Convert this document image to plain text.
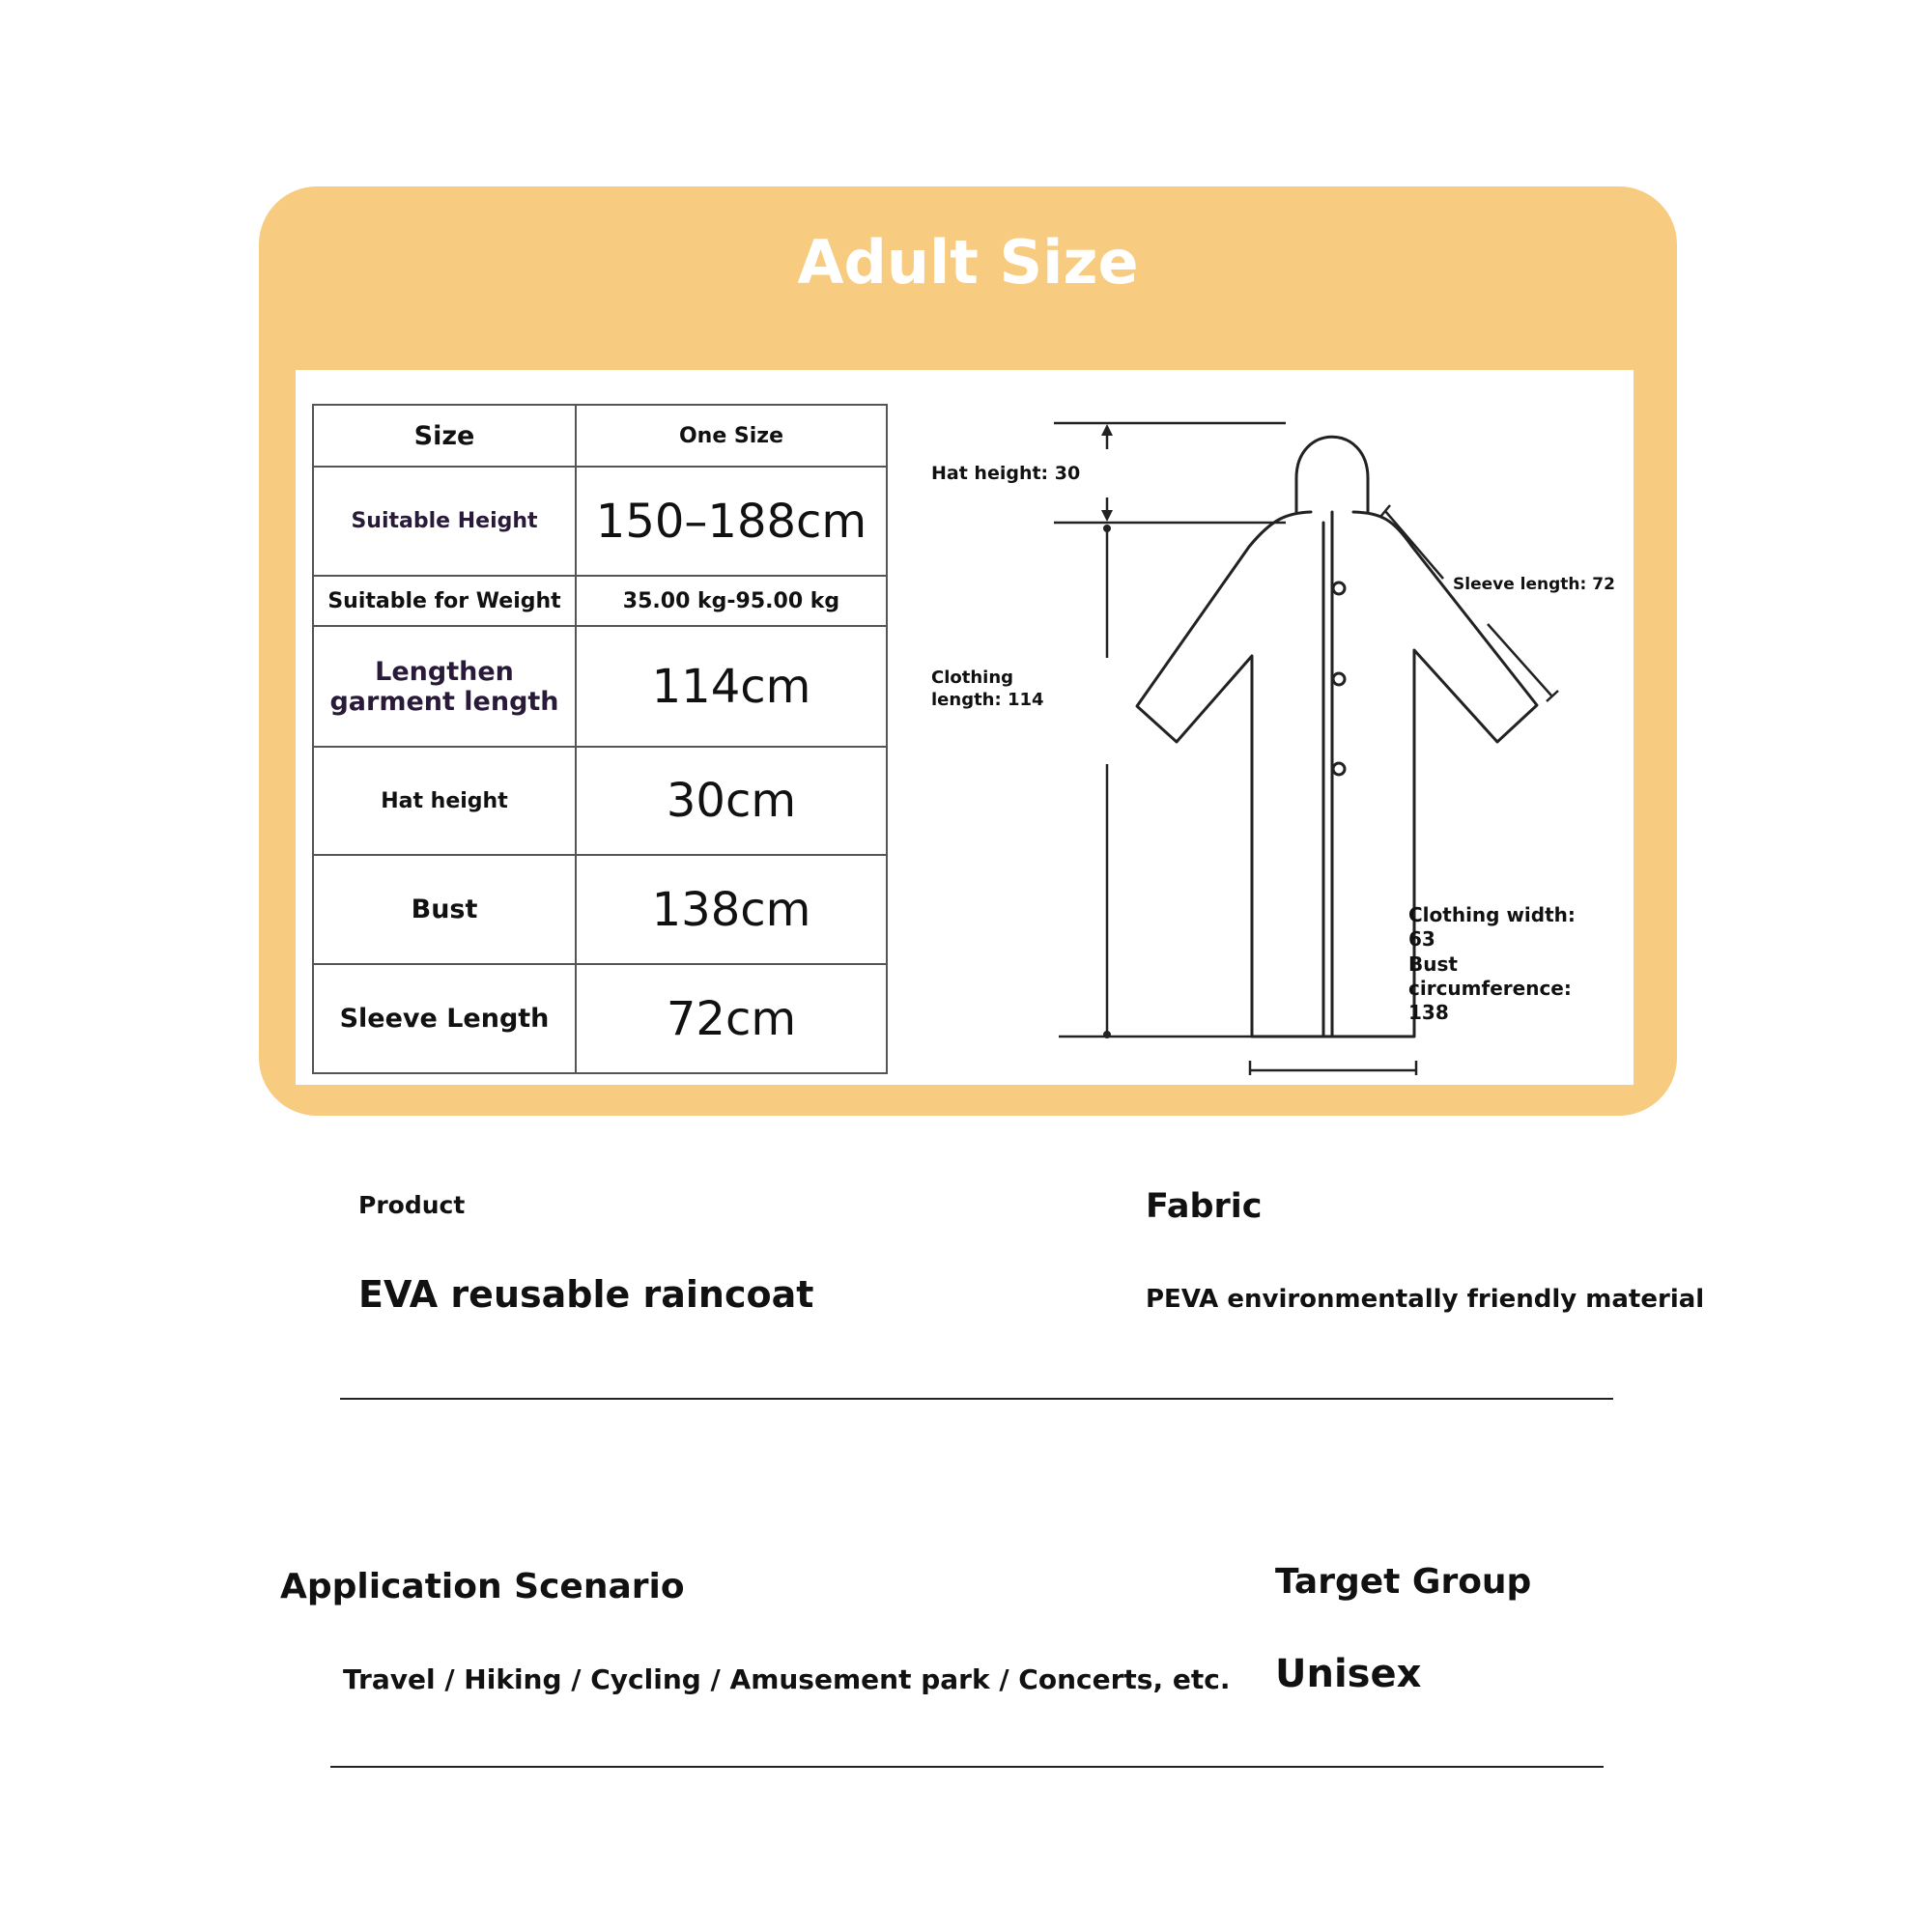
Adult Size
Size	One Size
Suitable Height	150–188cm
Suitable for Weight	35.00 kg-95.00 kg
Lengthen garment length	114cm
Hat height	30cm
Bust	138cm
Sleeve Length	72cm
Hat height: 30
Sleeve length: 72
Clothing length: 114
Clothing width: 63
Bust circumference: 138
Product
EVA reusable raincoat
Fabric
PEVA environmentally friendly material
Application Scenario
Travel / Hiking / Cycling / Amusement park / Concerts, etc.
Target Group
Unisex
